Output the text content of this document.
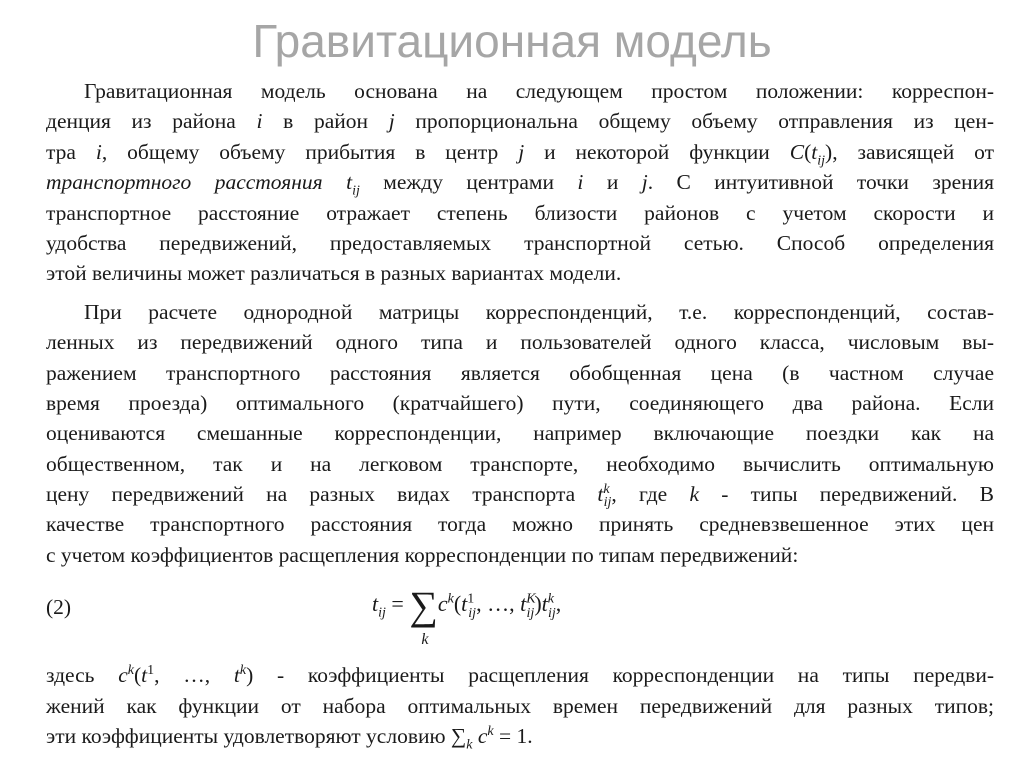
Гравитационная модель
Гравитационная модель основана на следующем простом положении: корреспон-
денция из района i в район j пропорциональна общему объему отправления из цен-
тра i, общему объему прибытия в центр j и некоторой функции $C(t_{ij})$, зависящей от
транспортного расстояния $t_{ij}$ между центрами i и j. С интуитивной точки зрения
транспортное расстояние отражает степень близости районов с учетом скорости и
удобства передвижений, предоставляемых транспортной сетью. Способ определения
этой величины может различаться в разных вариантах модели.
При расчете однородной матрицы корреспонденций, т.е. корреспонденций, состав-
ленных из передвижений одного типа и пользователей одного класса, числовым вы-
ражением транспортного расстояния является обобщенная цена (в частном случае
время проезда) оптимального (кратчайшего) пути, соединяющего два района. Если
оцениваются смешанные корреспонденции, например включающие поездки как на
общественном, так и на легковом транспорте, необходимо вычислить оптимальную
цену передвижений на разных видах транспорта $t^k_{ij}$, где k - типы передвижений. В
качестве транспортного расстояния тогда можно принять средневзвешенное этих цен
с учетом коэффициентов расщепления корреспонденции по типам передвижений:
(2)	$t_{ij}$ = ∑
k
$c^k(t^1_{ij}$, …, $t^K_{ij})t^k_{ij}$,
здесь $c^k(t^1$, …, $t^k$) - коэффициенты расщепления корреспонденции на типы передви-
жений как функции от набора оптимальных времен передвижений для разных типов;
эти коэффициенты удовлетворяют условию $\sum_k$ $c^k = 1$.
